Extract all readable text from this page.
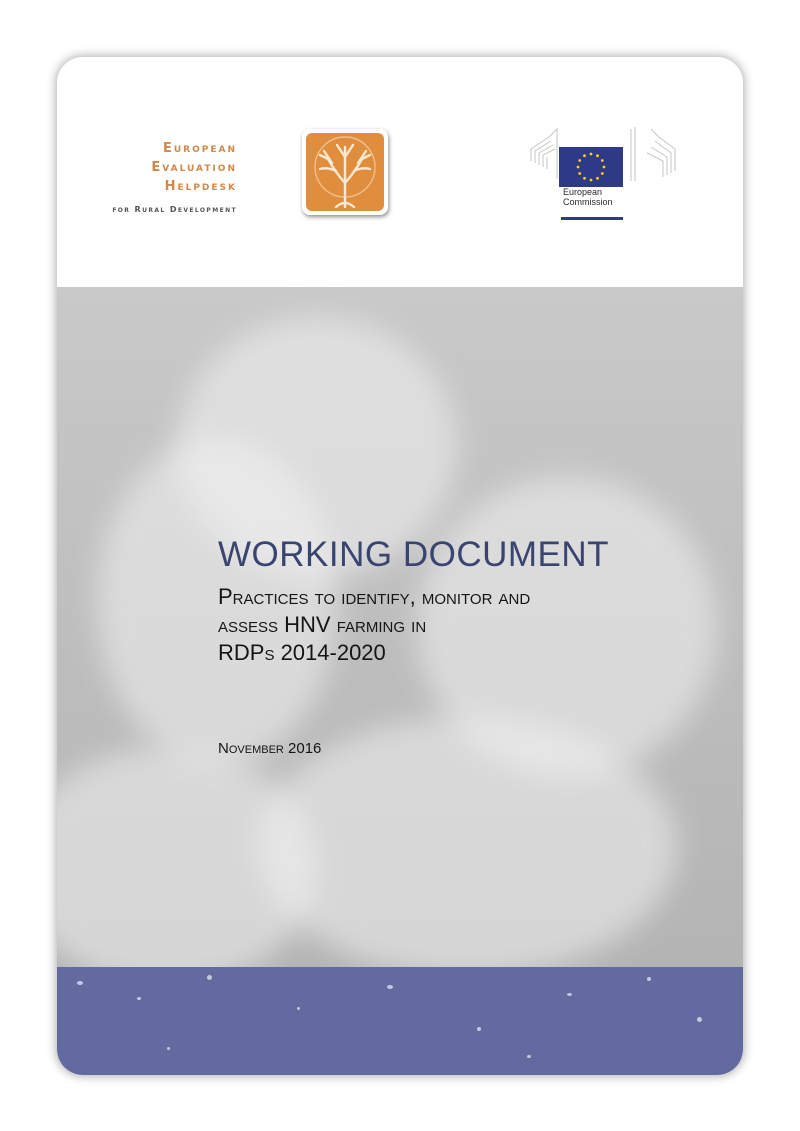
European
Evaluation
Helpdesk
for Rural Development
European
Commission
WORKING DOCUMENT
Practices to identify, monitor and
assess HNV farming in
RDPs 2014-2020
November 2016
